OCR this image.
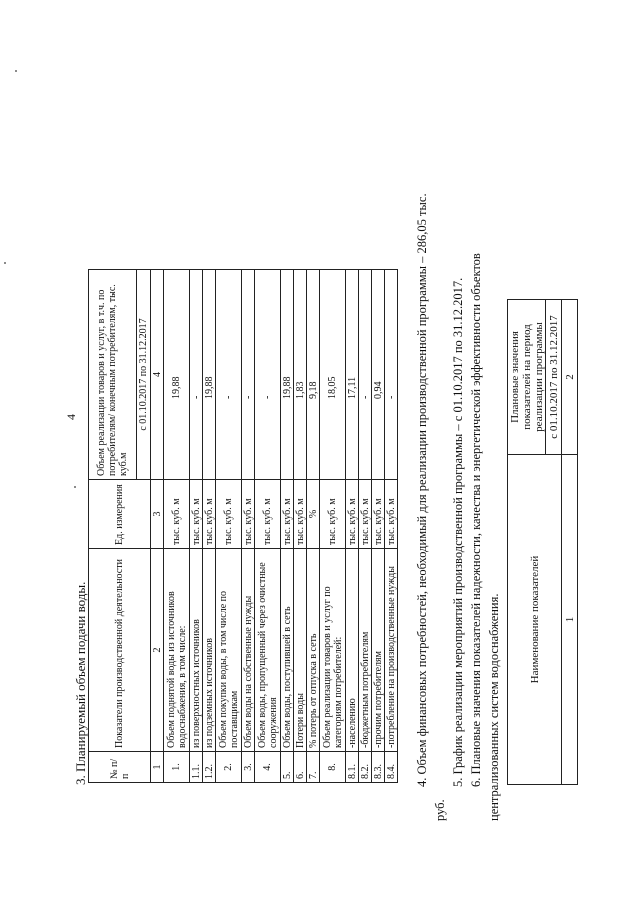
4
3. Планируемый объем подачи воды. № п/п	Показатели производственной деятельности	Ед. измерения	Объем реализации товаров и услуг, в т.ч. по потребителям/ конечным потребителям, тыс. куб.м
			с 01.10.2017 по 31.12.2017
1	2	3	4
1.	Объем поднятой воды из источников водоснабжения, в том числе:	тыс. куб. м	19,88
1.1.	из поверхностных источников	тыс. куб. м	-
1.2.	из подземных источников	тыс. куб. м	19,88
2.	Объем покупки воды, в том числе по поставщикам	тыс. куб. м	-
3.	Объем воды на собственные нужды	тыс. куб. м	-
4.	Объем воды, пропущенный через очистные сооружения	тыс. куб. м	-
5.	Объем воды, поступившей в сеть	тыс. куб. м	19,88
6.	Потери воды	тыс. куб. м	1,83
7.	% потерь от отпуска в сеть	%	9,18
8.	Объем реализации товаров и услуг по категориям потребителей:	тыс. куб. м	18,05
8.1.	-населению	тыс. куб. м	17,11
8.2.	-бюджетным потребителям	тыс. куб. м	-
8.3.	-прочим потребителям	тыс. куб. м	0,94
8.4.	-потребление на производственные нужды	тыс. куб. м	- 4. Объем финансовых потребностей, необходимый для реализации производственной программы – 286,05 тыс.
руб.
5. График реализации мероприятий производственной программы – с 01.10.2017 по 31.12.2017. 6. Плановые значения показателей надежности, качества и энергетической эффективности объектов централизованных систем водоснабжения.	Наименование показателей	Плановые значения показателей на период реализации программы
	с 01.10.2017 по 31.12.2017
1	2
